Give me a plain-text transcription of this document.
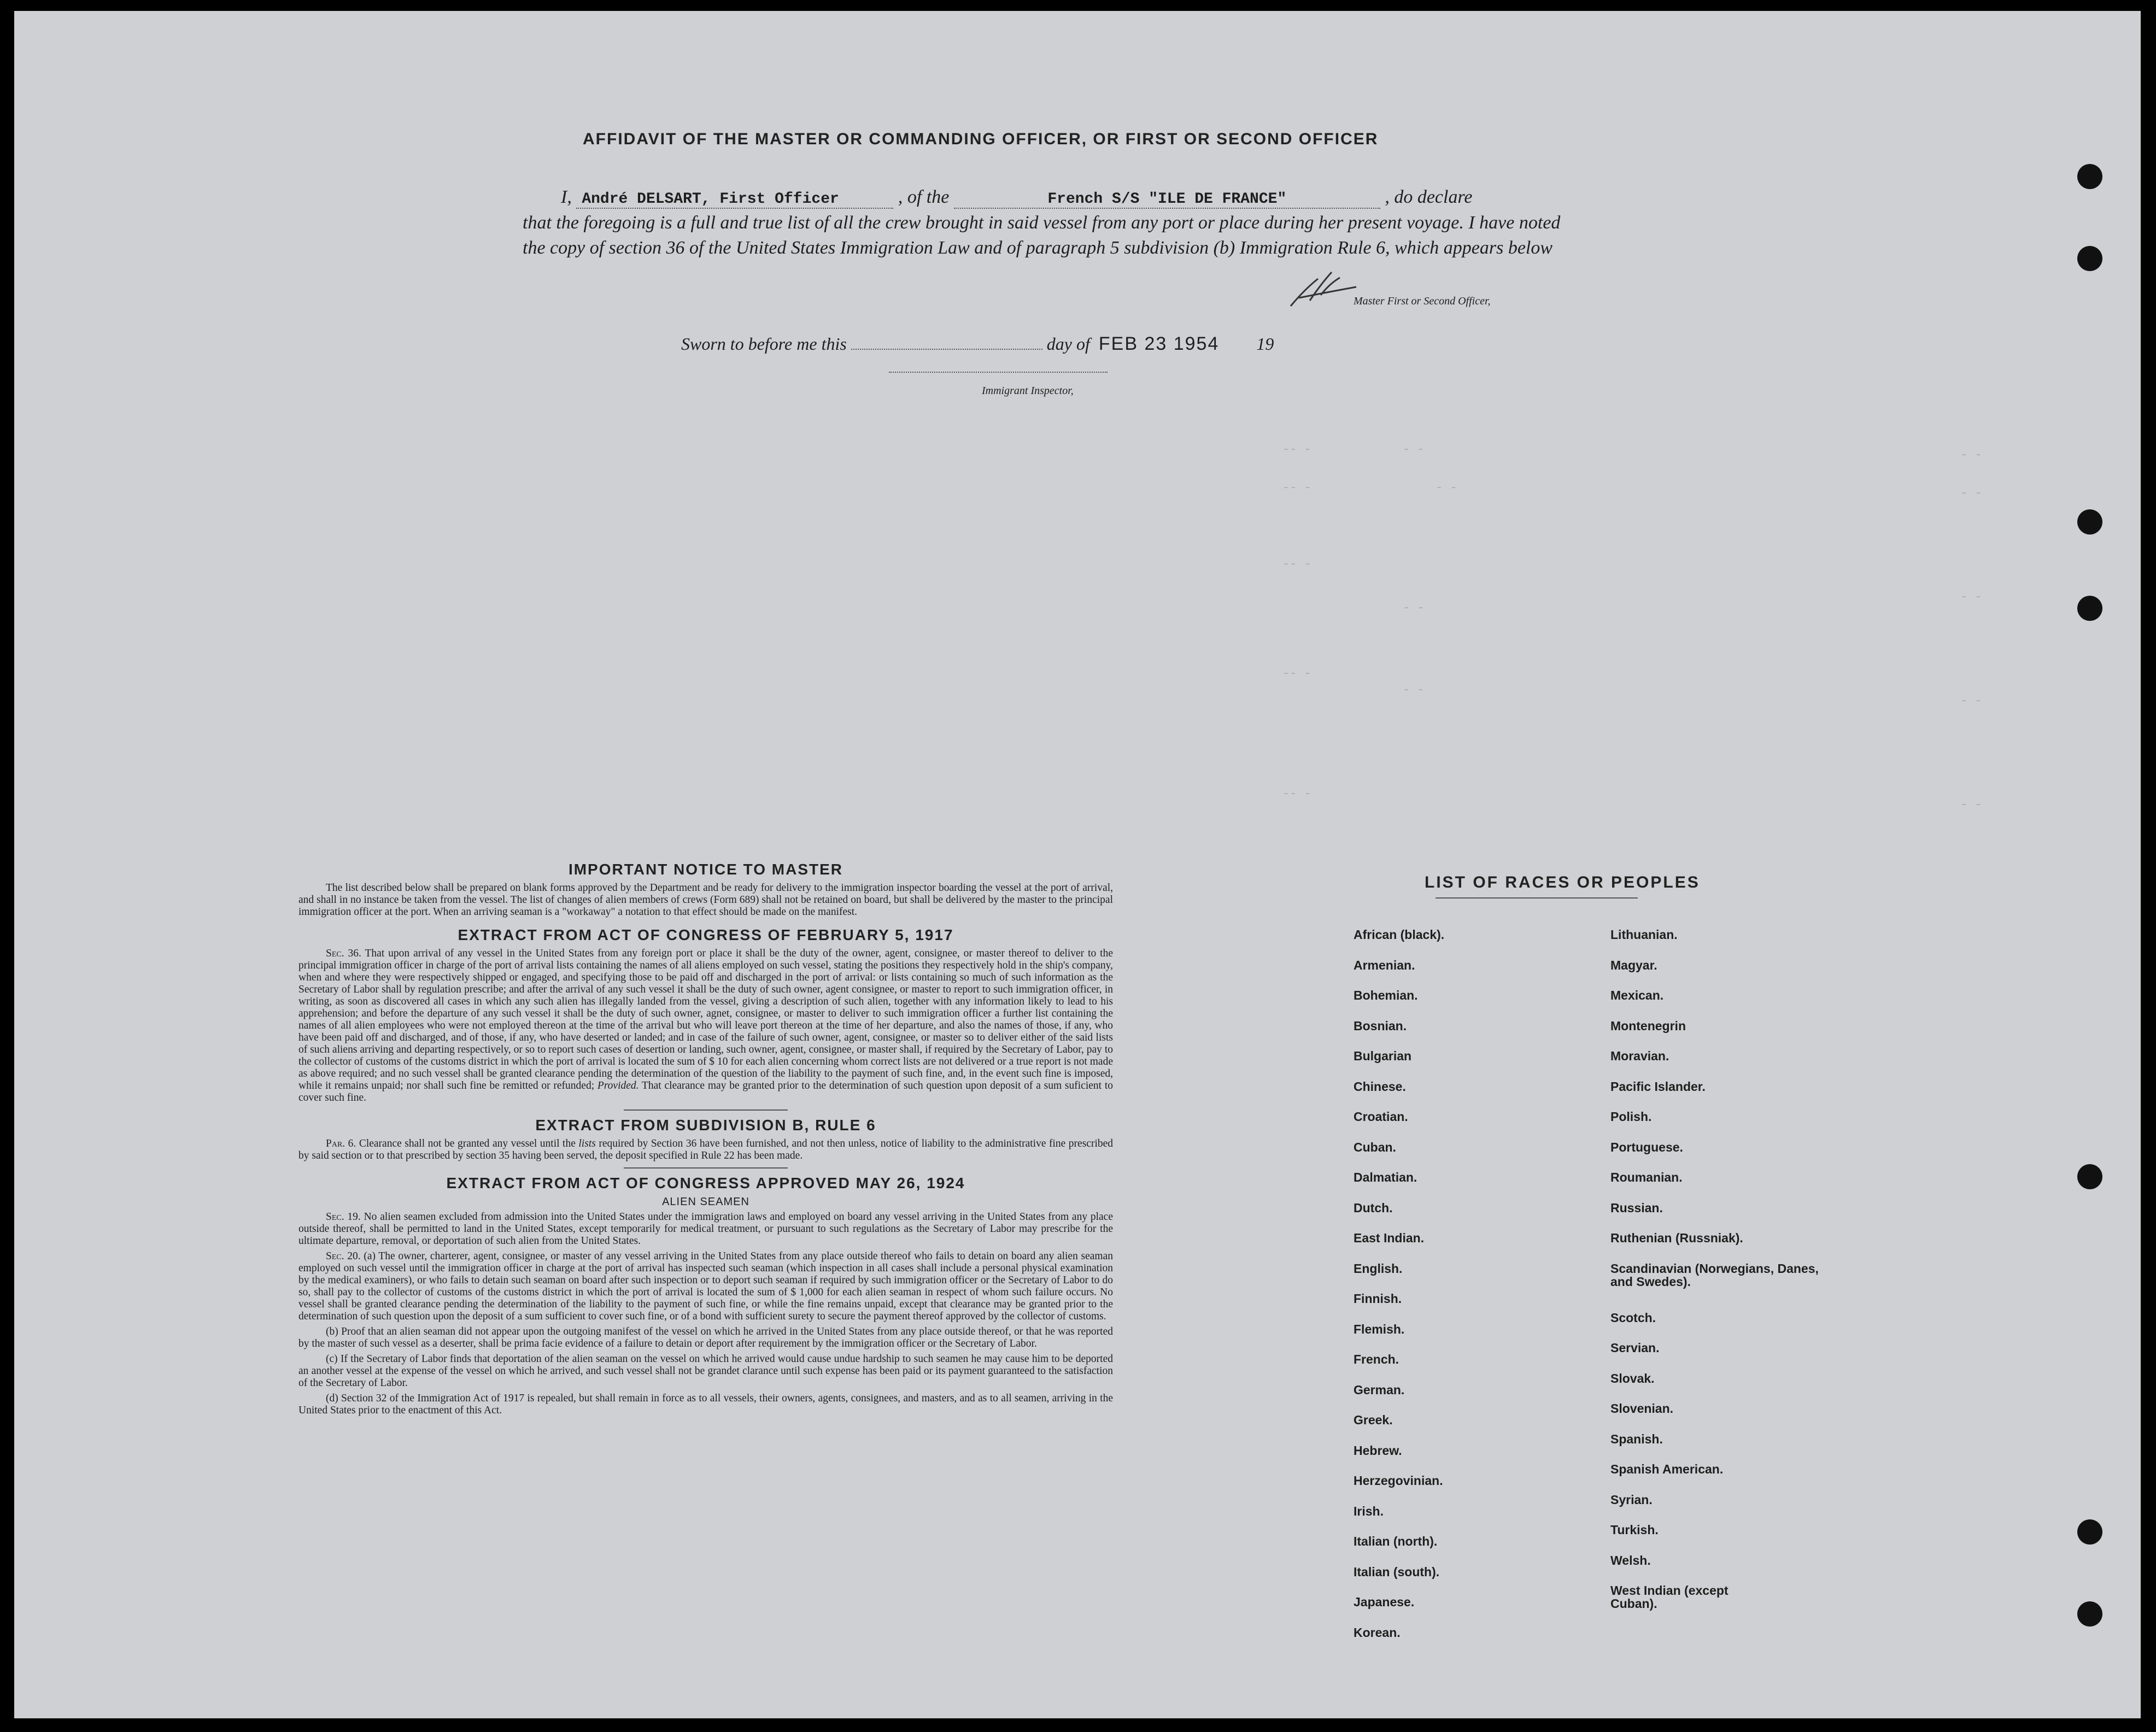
AFFIDAVIT OF THE MASTER OR COMMANDING OFFICER, OR FIRST OR SECOND OFFICER
I, André DELSART, First Officer	, of the	French S/S "ILE DE FRANCE"	, do declare
that the foregoing is a full and true list of all the crew brought in said vessel from any port or place during her present voyage. I have noted the copy of section 36 of the United States Immigration Law and of paragraph 5 subdivision (b) Immigration Rule 6, which appears below
Master First or Second Officer,
Sworn to before me this	day of FEB 23 1954 19
Immigrant Inspector,
-- -	- -	- -
-- -	- -	- -
-- -
- -
- -
-- -
- -
- -
-- -
- -
IMPORTANT NOTICE TO MASTER

The list described below shall be prepared on blank forms approved by the Department and be ready for delivery to the immigration inspector boarding the vessel at the port of arrival, and shall in no instance be taken from the vessel. The list of changes of alien members of crews (Form 689) shall not be retained on board, but shall be delivered by the master to the principal immigration officer at the port. When an arriving seaman is a "workaway" a notation to that effect should be made on the manifest.

EXTRACT FROM ACT OF CONGRESS OF FEBRUARY 5, 1917

Sec. 36. That upon arrival of any vessel in the United States from any foreign port or place it shall be the duty of the owner, agent, consignee, or master thereof to deliver to the principal immigration officer in charge of the port of arrival lists containing the names of all aliens employed on such vessel, stating the positions they respectively hold in the ship's company, when and where they were respectively shipped or engaged, and specifying those to be paid off and discharged in the port of arrival: or lists containing so much of such information as the Secretary of Labor shall by regulation prescribe; and after the arrival of any such vessel it shall be the duty of such owner, agent consignee, or master to report to such immigration officer, in writing, as soon as discovered all cases in which any such alien has illegally landed from the vessel, giving a description of such alien, together with any information likely to lead to his apprehension; and before the departure of any such vessel it shall be the duty of such owner, agnet, consignee, or master to deliver to such immigration officer a further list containing the names of all alien employees who were not employed thereon at the time of the arrival but who will leave port thereon at the time of her departure, and also the names of those, if any, who have been paid off and discharged, and of those, if any, who have deserted or landed; and in case of the failure of such owner, agent, consignee, or master so to deliver either of the said lists of such aliens arriving and departing respectively, or so to report such cases of desertion or landing, such owner, agent, consignee, or master shall, if required by the Secretary of Labor, pay to the collector of customs of the customs district in which the port of arrival is located the sum of $ 10 for each alien concerning whom correct lists are not delivered or a true report is not made as above required; and no such vessel shall be granted clearance pending the determination of the question of the liability to the payment of such fine, and, in the event such fine is imposed, while it remains unpaid; nor shall such fine be remitted or refunded; Provided. That clearance may be granted prior to the determination of such question upon deposit of a sum suficient to cover such fine.

EXTRACT FROM SUBDIVISION B, RULE 6

Par. 6. Clearance shall not be granted any vessel until the lists required by Section 36 have been furnished, and not then unless, notice of liability to the administrative fine prescribed by said section or to that prescribed by section 35 having been served, the deposit specified in Rule 22 has been made.

EXTRACT FROM ACT OF CONGRESS APPROVED MAY 26, 1924
ALIEN SEAMEN

Sec. 19. No alien seamen excluded from admission into the United States under the immigration laws and employed on board any vessel arriving in the United States from any place outside thereof, shall be permitted to land in the United States, except temporarily for medical treatment, or pursuant to such regulations as the Secretary of Labor may prescribe for the ultimate departure, removal, or deportation of such alien from the United States.

Sec. 20. (a) The owner, charterer, agent, consignee, or master of any vessel arriving in the United States from any place outside thereof who fails to detain on board any alien seaman employed on such vessel until the immigration officer in charge at the port of arrival has inspected such seaman (which inspection in all cases shall include a personal physical examination by the medical examiners), or who fails to detain such seaman on board after such inspection or to deport such seaman if required by such immigration officer or the Secretary of Labor to do so, shall pay to the collector of customs of the customs district in which the port of arrival is located the sum of $ 1,000 for each alien seaman in respect of whom such failure occurs. No vessel shall be granted clearance pending the determination of the liability to the payment of such fine, or while the fine remains unpaid, except that clearance may be granted prior to the determination of such question upon the deposit of a sum sufficient to cover such fine, or of a bond with sufficient surety to secure the payment thereof approved by the collector of customs.

(b) Proof that an alien seaman did not appear upon the outgoing manifest of the vessel on which he arrived in the United States from any place outside thereof, or that he was reported by the master of such vessel as a deserter, shall be prima facie evidence of a failure to detain or deport after requirement by the immigration officer or the Secretary of Labor.

(c) If the Secretary of Labor finds that deportation of the alien seaman on the vessel on which he arrived would cause undue hardship to such seamen he may cause him to be deported an another vessel at the expense of the vessel on which he arrived, and such vessel shall not be grandet clarance until such expense has been paid or its payment guaranteed to the satisfaction of the Secretary of Labor.

(d) Section 32 of the Immigration Act of 1917 is repealed, but shall remain in force as to all vessels, their owners, agents, consignees, and masters, and as to all seamen, arriving in the United States prior to the enactment of this Act.

LIST OF RACES OR PEOPLES
African (black).
Armenian.
Bohemian.
Bosnian.
Bulgarian
Chinese.
Croatian.
Cuban.
Dalmatian.
Dutch.
East Indian.
English.
Finnish.
Flemish.
French.
German.
Greek.
Hebrew.
Herzegovinian.
Irish.
Italian (north).
Italian (south).
Japanese.
Korean.
Lithuanian.
Magyar.
Mexican.
Montenegrin
Moravian.
Pacific Islander.
Polish.
Portuguese.
Roumanian.
Russian.
Ruthenian (Russniak).
Scandinavian (Norwegians, Danes, and Swedes).
Scotch.
Servian.
Slovak.
Slovenian.
Spanish.
Spanish American.
Syrian.
Turkish.
Welsh.
West Indian (except Cuban).
